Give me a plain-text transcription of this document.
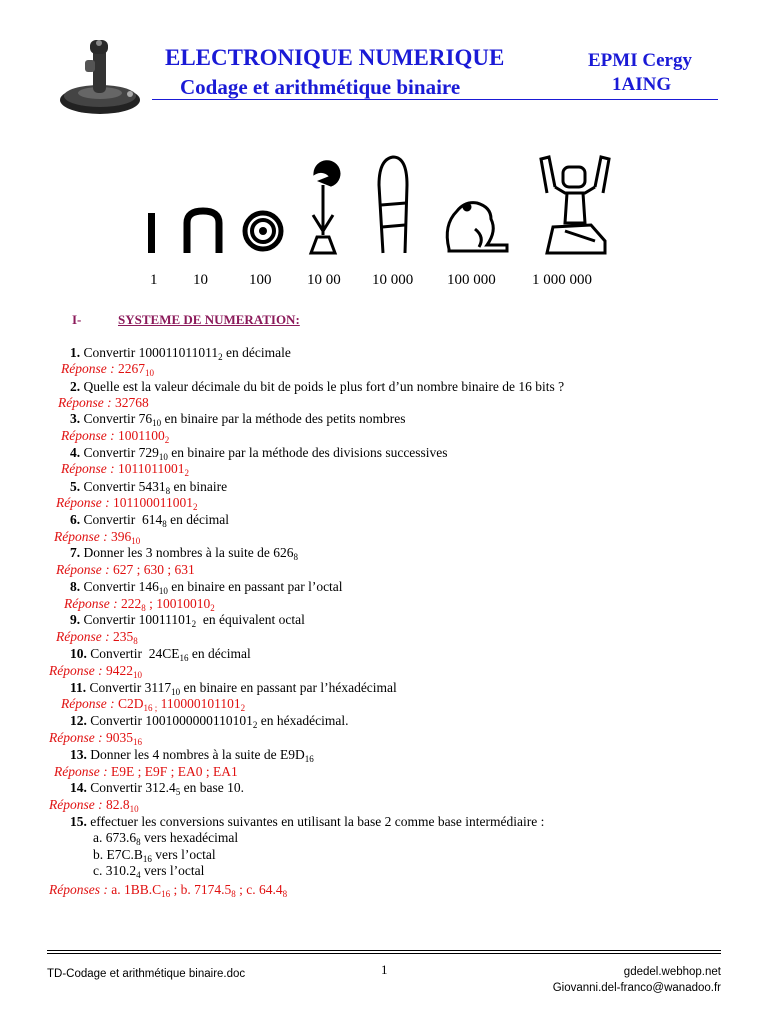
ELECTRONIQUE NUMERIQUE
Codage et arithmétique binaire
EPMI Cergy
1AING
1 10	100 10 00 10 000 100 000 1 000 000
I-	SYSTEME DE NUMERATION:
1. Convertir $100011011011_2$ en décimale
Réponse : $2267_{10}$
2. Quelle est la valeur décimale du bit de poids le plus fort d’un nombre binaire de 16 bits ?
Réponse : 32768
3. Convertir $76_{10}$ en binaire par la méthode des petits nombres
Réponse : $1001100_2$
4. Convertir $729_{10}$ en binaire par la méthode des divisions successives
Réponse : $1011011001_2$
5. Convertir $5431_8$ en binaire
Réponse : $101100011001_2$
6. Convertir  $614_8$ en décimal
Réponse : $396_{10}$
7. Donner les 3 nombres à la suite de $626_8$
Réponse : 627 ; 630 ; 631
8. Convertir $146_{10}$ en binaire en passant par l’octal
Réponse : $222_8$ ; $10010010_2$
9. Convertir $10011101_2$  en équivalent octal
Réponse : $235_8$
10. Convertir  $24CE_{16}$ en décimal
Réponse : $9422_{10}$
11. Convertir $3117_{10}$ en binaire en passant par l’héxadécimal
Réponse : $C2D_{16 ;}$ $110000101101_2$
12. Convertir $1001000000110101_2$ en héxadécimal.
Réponse : $9035_{16}$
13. Donner les 4 nombres à la suite de $E9D_{16}$
Réponse : E9E ; E9F ; EA0 ; EA1
14. Convertir $312.4_5$ en base 10.
Réponse : $82.8_{10}$
15. effectuer les conversions suivantes en utilisant la base 2 comme base intermédiaire :
a. $673.6_8$ vers hexadécimal
b. $E7C.B_{16}$ vers l’octal
c. $310.2_4$ vers l’octal
Réponses : a. $1BB.C_{16}$ ; b. $7174.5_8$ ; c. $64.4_8$
TD-Codage et arithmétique binaire.doc	1	gdedel.webhop.net
Giovanni.del-franco@wanadoo.fr
